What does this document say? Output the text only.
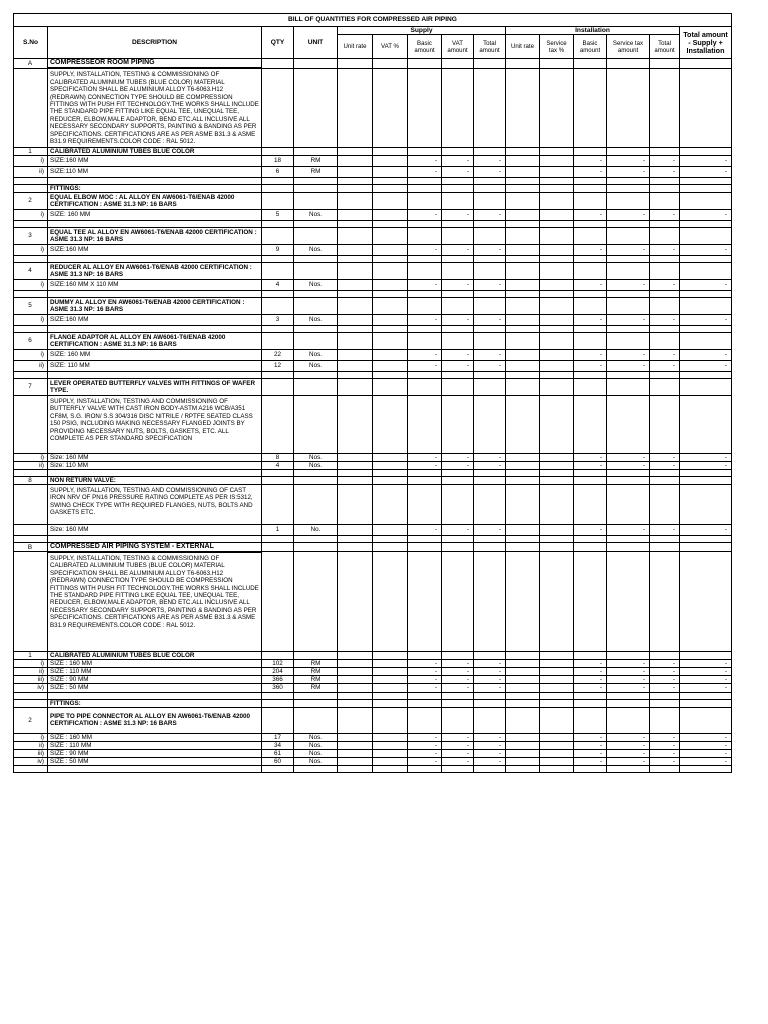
BILL OF QUANTITIES FOR COMPRESSED AIR PIPING														
S.No	DESCRIPTION	QTY	UNIT	Supply					Installation					Total amount - Supply + Installation
				Unit rate	VAT %	Basic amount	VAT amount	Total amount	Unit rate	Service tax %	Basic amount	Service tax amount	Total amount	
A	COMPRESSEOR ROOM PIPING													
	SUPPLY, INSTALLATION, TESTING & COMMISSIONING OF CALIBRATED ALUMINIUM TUBES (BLUE COLOR) MATERIAL SPECIFICATION SHALL BE ALUMINIUM ALLOY T6-6063.H12 (REDRAWN) CONNECTION TYPE SHOULD BE COMPRESSION FITTINGS WITH PUSH FIT TECHNOLOGY.THE WORKS SHALL INCLUDE THE STANDARD PIPE FITTING LIKE EQUAL TEE, UNEQUAL TEE, REDUCER, ELBOW,MALE ADAPTOR, BEND ETC.ALL INCLUSIVE ALL NECESSARY SECONDARY SUPPORTS, PAINTING & BANDING AS PER SPECIFICATIONS. CERTIFICATIONS ARE AS PER ASME B31.3 & ASME B31.9 REQUIREMENTS.COLOR CODE : RAL 5012.													
1	CALIBRATED ALUMINIUM TUBES BLUE COLOR													
i)	SIZE:160 MM	18	RM			-	-	-			-	-	-	-
ii)	SIZE:110 MM	6	RM			-	-	-			-	-	-	-

	FITTINGS:													
2	EQUAL ELBOW MOC : AL ALLOY EN AW6061-T6/ENAB 42000 CERTIFICATION : ASME 31.3 NP: 16 BARS													
i)	SIZE: 160 MM	5	Nos.			-	-	-			-	-	-	-

3	EQUAL TEE AL ALLOY EN AW6061-T6/ENAB 42000 CERTIFICATION : ASME 31.3 NP: 16 BARS													
i)	SIZE:160 MM	9	Nos.			-	-	-			-	-	-	-

4	REDUCER AL ALLOY EN AW6061-T6/ENAB 42000 CERTIFICATION : ASME 31.3 NP: 16 BARS													
i)	SIZE:160 MM X 110 MM	4	Nos.			-	-	-			-	-	-	-

5	DUMMY AL ALLOY EN AW6061-T6/ENAB 42000 CERTIFICATION : ASME 31.3 NP: 16 BARS													
i)	SIZE:160 MM	3	Nos.			-	-	-			-	-	-	-

6	FLANGE ADAPTOR AL ALLOY EN AW6061-T6/ENAB 42000 CERTIFICATION : ASME 31.3 NP: 16 BARS													
i)	SIZE: 160 MM	22	Nos.			-	-	-			-	-	-	-
ii)	SIZE: 110 MM	12	Nos.			-	-	-			-	-	-	-

7	LEVER OPERATED BUTTERFLY VALVES WITH FITTINGS OF WAFER TYPE.													
	SUPPLY, INSTALLATION, TESTING AND COMMISSIONING OF BUTTERFLY VALVE WITH CAST IRON BODY-ASTM A216 WCB/A351 CF8M, S.G. IRON/ S.S 304/316 DISC NITRILE / RPTFE SEATED CLASS 150 PSIG, INCLUDING MAKING NECESSARY FLANGED JOINTS BY PROVIDING NECESSARY NUTS, BOLTS, GASKETS, ETC. ALL COMPLETE AS PER STANDARD SPECIFICATION													
i)	Size: 160 MM	8	Nos.			-	-	-			-	-	-	-
ii)	Size: 110 MM	4	Nos.			-	-	-			-	-	-	-

8	NON RETURN VALVE:													
	SUPPLY, INSTALLATION, TESTING AND COMMISSIONING OF CAST IRON NRV OF PN16 PRESSURE RATING COMPLETE AS PER IS:5312, SWING CHECK TYPE WITH REQUIRED FLANGES, NUTS, BOLTS AND GASKETS ETC.													
	Size: 160 MM	1	No.			-	-	-			-	-	-	-

B	COMPRESSED AIR PIPING SYSTEM - EXTERNAL													
	SUPPLY, INSTALLATION, TESTING & COMMISSIONING OF CALIBRATED ALUMINIUM TUBES (BLUE COLOR) MATERIAL SPECIFICATION SHALL BE ALUMINIUM ALLOY T6-6063.H12 (REDRAWN) CONNECTION TYPE SHOULD BE COMPRESSION FITTINGS WITH PUSH FIT TECHNOLOGY.THE WORKS SHALL INCLUDE THE STANDARD PIPE FITTING LIKE EQUAL TEE, UNEQUAL TEE, REDUCER, ELBOW,MALE ADAPTOR, BEND ETC.ALL INCLUSIVE ALL NECESSARY SECONDARY SUPPORTS, PAINTING & BANDING AS PER SPECIFICATIONS. CERTIFICATIONS ARE AS PER ASME B31.3 & ASME B31.9 REQUIREMENTS.COLOR CODE : RAL 5012.													
1	CALIBRATED ALUMINIUM TUBES BLUE COLOR													
i)	SIZE : 160 MM	102	RM			-	-	-			-	-	-	-
ii)	SIZE : 110 MM	204	RM			-	-	-			-	-	-	-
iii)	SIZE : 90 MM	366	RM			-	-	-			-	-	-	-
iv)	SIZE : 50 MM	360	RM			-	-	-			-	-	-	-

	FITTINGS:													
2	PIPE TO PIPE CONNECTOR AL ALLOY EN AW6061-T6/ENAB 42000 CERTIFICATION : ASME 31.3 NP: 16 BARS													
i)	SIZE : 160 MM	17	Nos.			-	-	-			-	-	-	-
ii)	SIZE : 110 MM	34	Nos.			-	-	-			-	-	-	-
iii)	SIZE : 90 MM	61	Nos.			-	-	-			-	-	-	-
iv)	SIZE : 50 MM	60	Nos.			-	-	-			-	-	-	-
